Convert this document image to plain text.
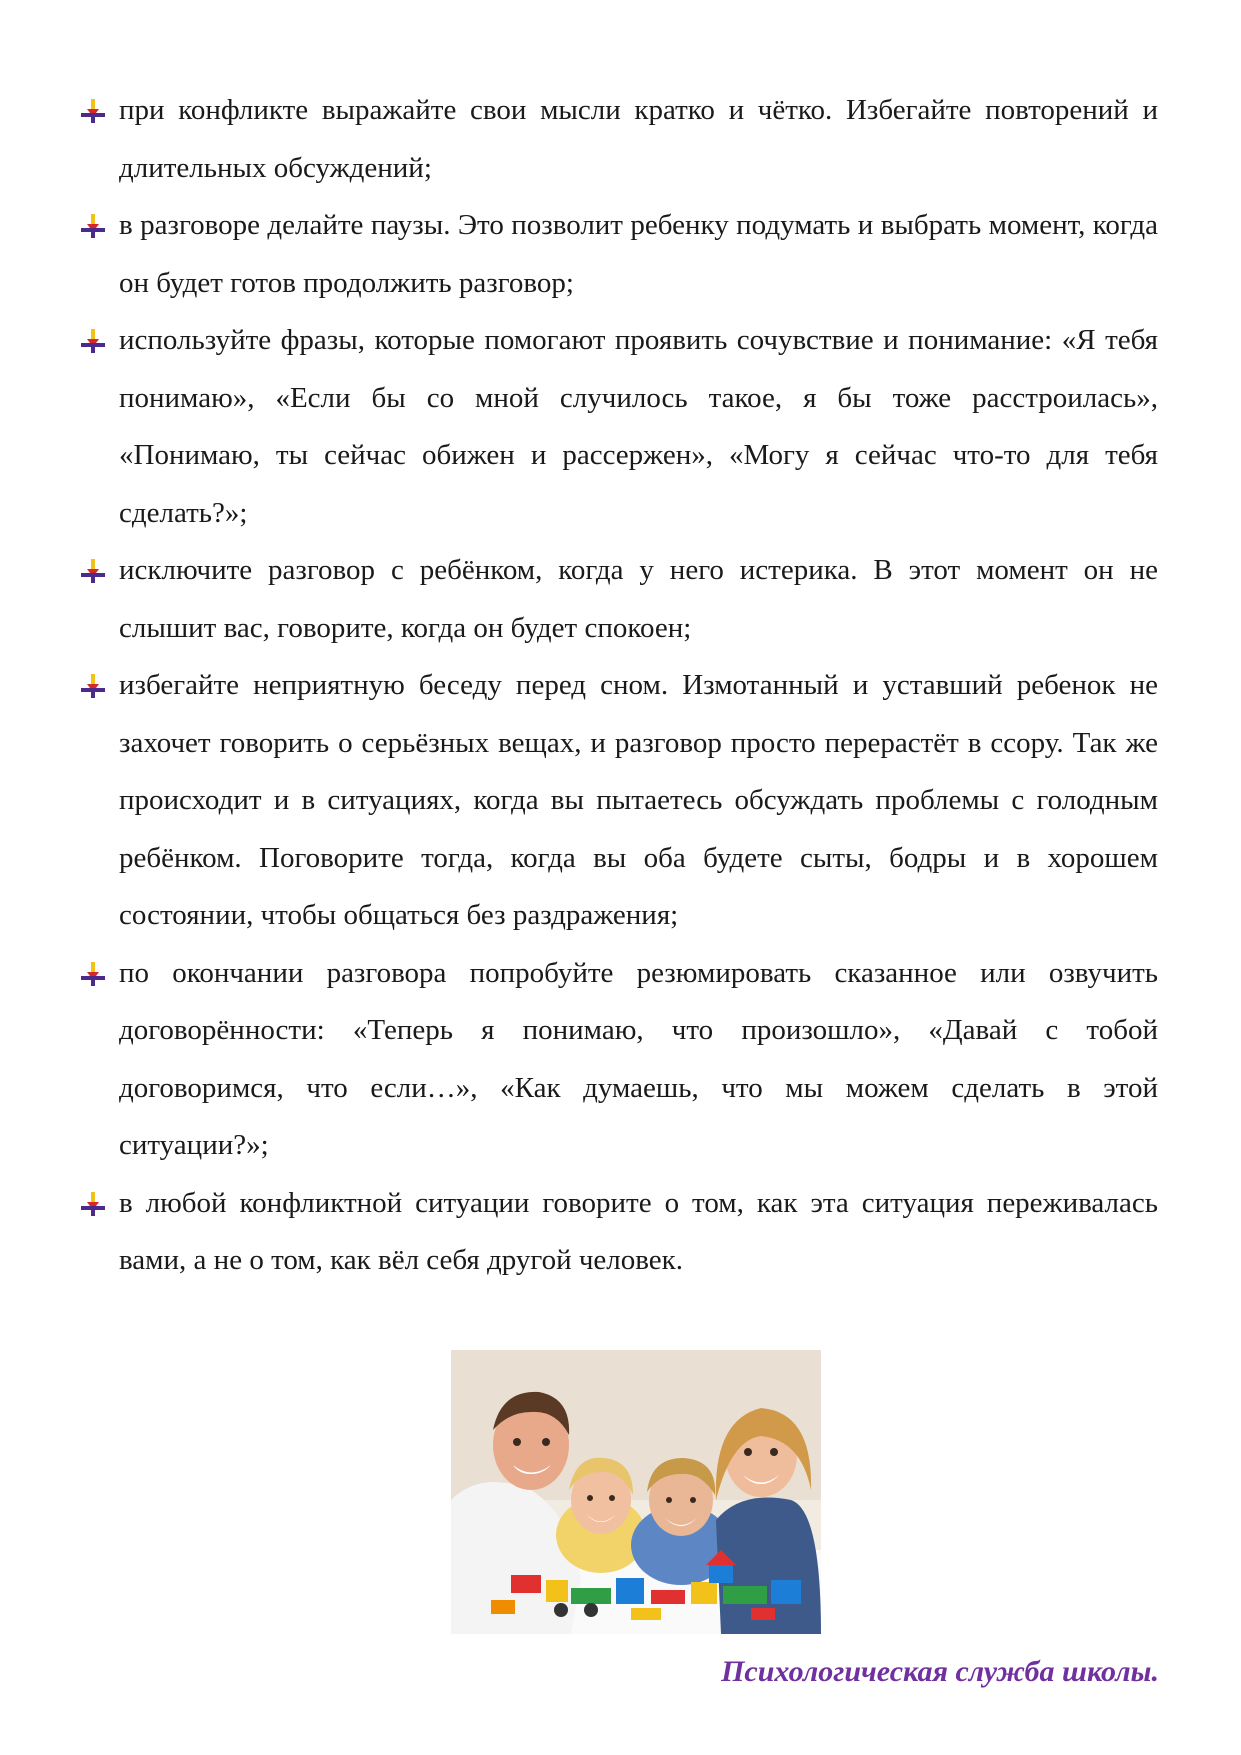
при конфликте выражайте свои мысли кратко и чётко. Избегайте повторений и длительных обсуждений;
в разговоре делайте паузы. Это позволит ребенку подумать и выбрать момент, когда он будет готов продолжить разговор;
используйте фразы, которые помогают проявить сочувствие и понимание: «Я тебя понимаю», «Если бы со мной случилось такое, я бы тоже расстроилась», «Понимаю, ты сейчас обижен и рассержен», «Могу я сейчас что-то для тебя сделать?»;
исключите разговор с ребёнком, когда у него истерика. В этот момент он не слышит вас, говорите, когда он будет спокоен;
избегайте неприятную беседу перед сном. Измотанный и уставший ребенок не захочет говорить о серьёзных вещах, и разговор просто перерастёт в ссору. Так же происходит и в ситуациях, когда вы пытаетесь обсуждать проблемы с голодным ребёнком. Поговорите тогда, когда вы оба будете сыты, бодры и в хорошем состоянии, чтобы общаться без раздражения;
по окончании разговора попробуйте резюмировать сказанное или озвучить договорённости: «Теперь я понимаю, что произошло», «Давай с тобой договоримся, что если…», «Как думаешь, что мы можем сделать в этой ситуации?»;
в любой конфликтной ситуации говорите о том, как эта ситуация переживалась вами, а не о том, как вёл себя другой человек.
Психологическая служба школы.
